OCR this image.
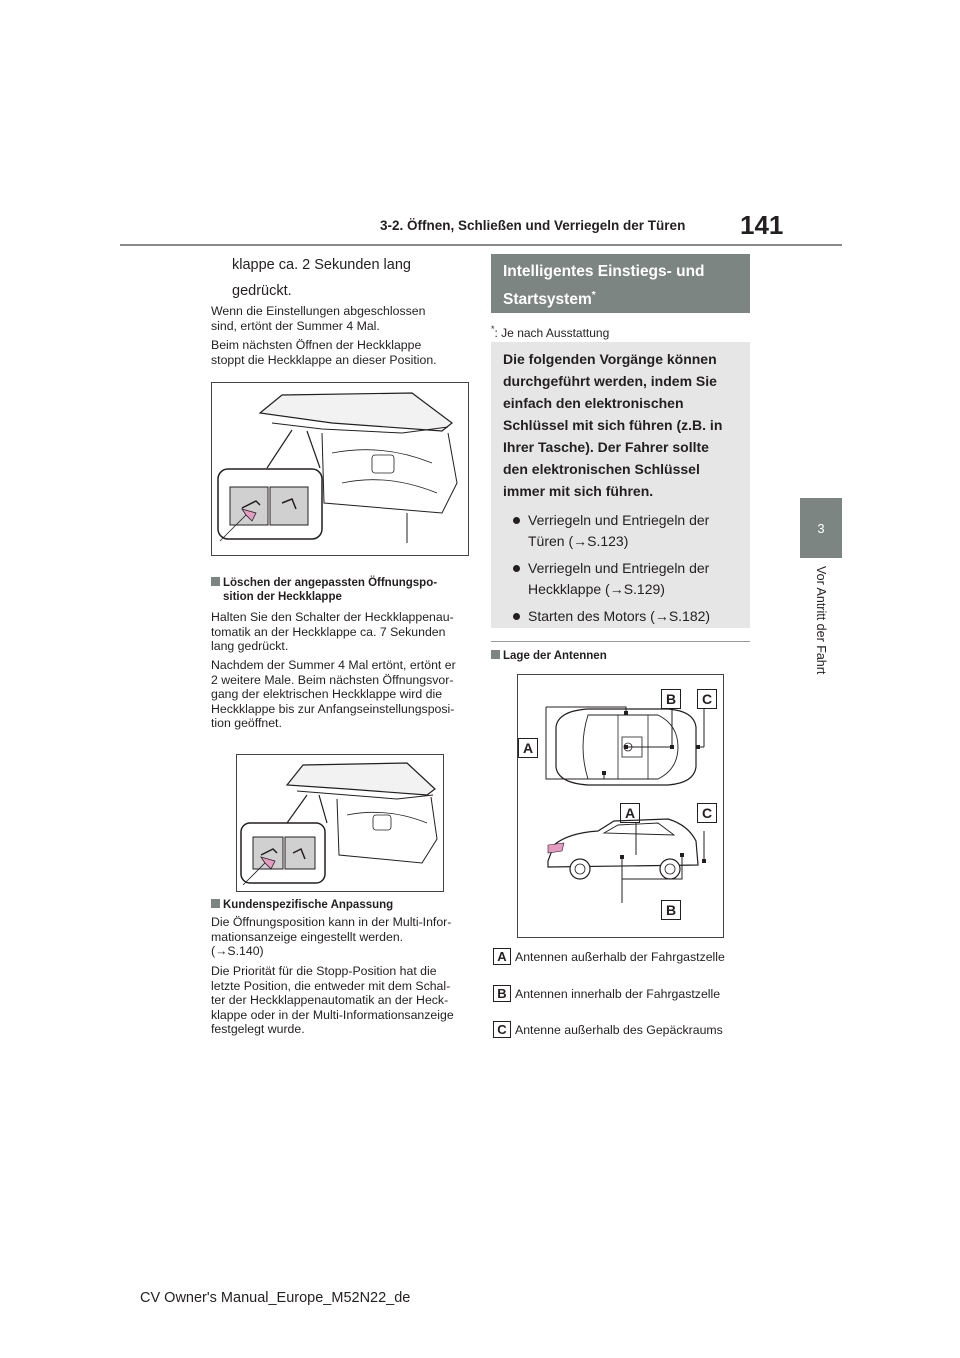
3-2. Öffnen, Schließen und Verriegeln der Türen 141
3
Vor Antritt der Fahrt
klappe ca. 2 Sekunden lang
gedrückt.
Wenn die Einstellungen abgeschlossen
sind, ertönt der Summer 4 Mal.
Beim nächsten Öffnen der Heckklappe
stoppt die Heckklappe an dieser Position.
Löschen der angepassten Öffnungspo-
sition der Heckklappe
Halten Sie den Schalter der Heckklappenau-
tomatik an der Heckklappe ca. 7 Sekunden
lang gedrückt.
Nachdem der Summer 4 Mal ertönt, ertönt er
2 weitere Male. Beim nächsten Öffnungsvor-
gang der elektrischen Heckklappe wird die
Heckklappe bis zur Anfangseinstellungsposi-
tion geöffnet.
Kundenspezifische Anpassung
Die Öffnungsposition kann in der Multi-Infor-
mationsanzeige eingestellt werden.
(→S.140)
Die Priorität für die Stopp-Position hat die
letzte Position, die entweder mit dem Schal-
ter der Heckklappenautomatik an der Heck-
klappe oder in der Multi-Informationsanzeige
festgelegt wurde.
Intelligentes Einstiegs- und
Startsystem*
*: Je nach Ausstattung
Die folgenden Vorgänge können
durchgeführt werden, indem Sie
einfach den elektronischen
Schlüssel mit sich führen (z.B. in
Ihrer Tasche). Der Fahrer sollte
den elektronischen Schlüssel
immer mit sich führen.
Verriegeln und Entriegeln der
Türen (→S.123)
Verriegeln und Entriegeln der
Heckklappe (→S.129)
Starten des Motors (→S.182)
Lage der Antennen
A
B	C
A	C
B
A Antennen außerhalb der Fahrgastzelle
B Antennen innerhalb der Fahrgastzelle
C Antenne außerhalb des Gepäckraums
CV Owner's Manual_Europe_M52N22_de
